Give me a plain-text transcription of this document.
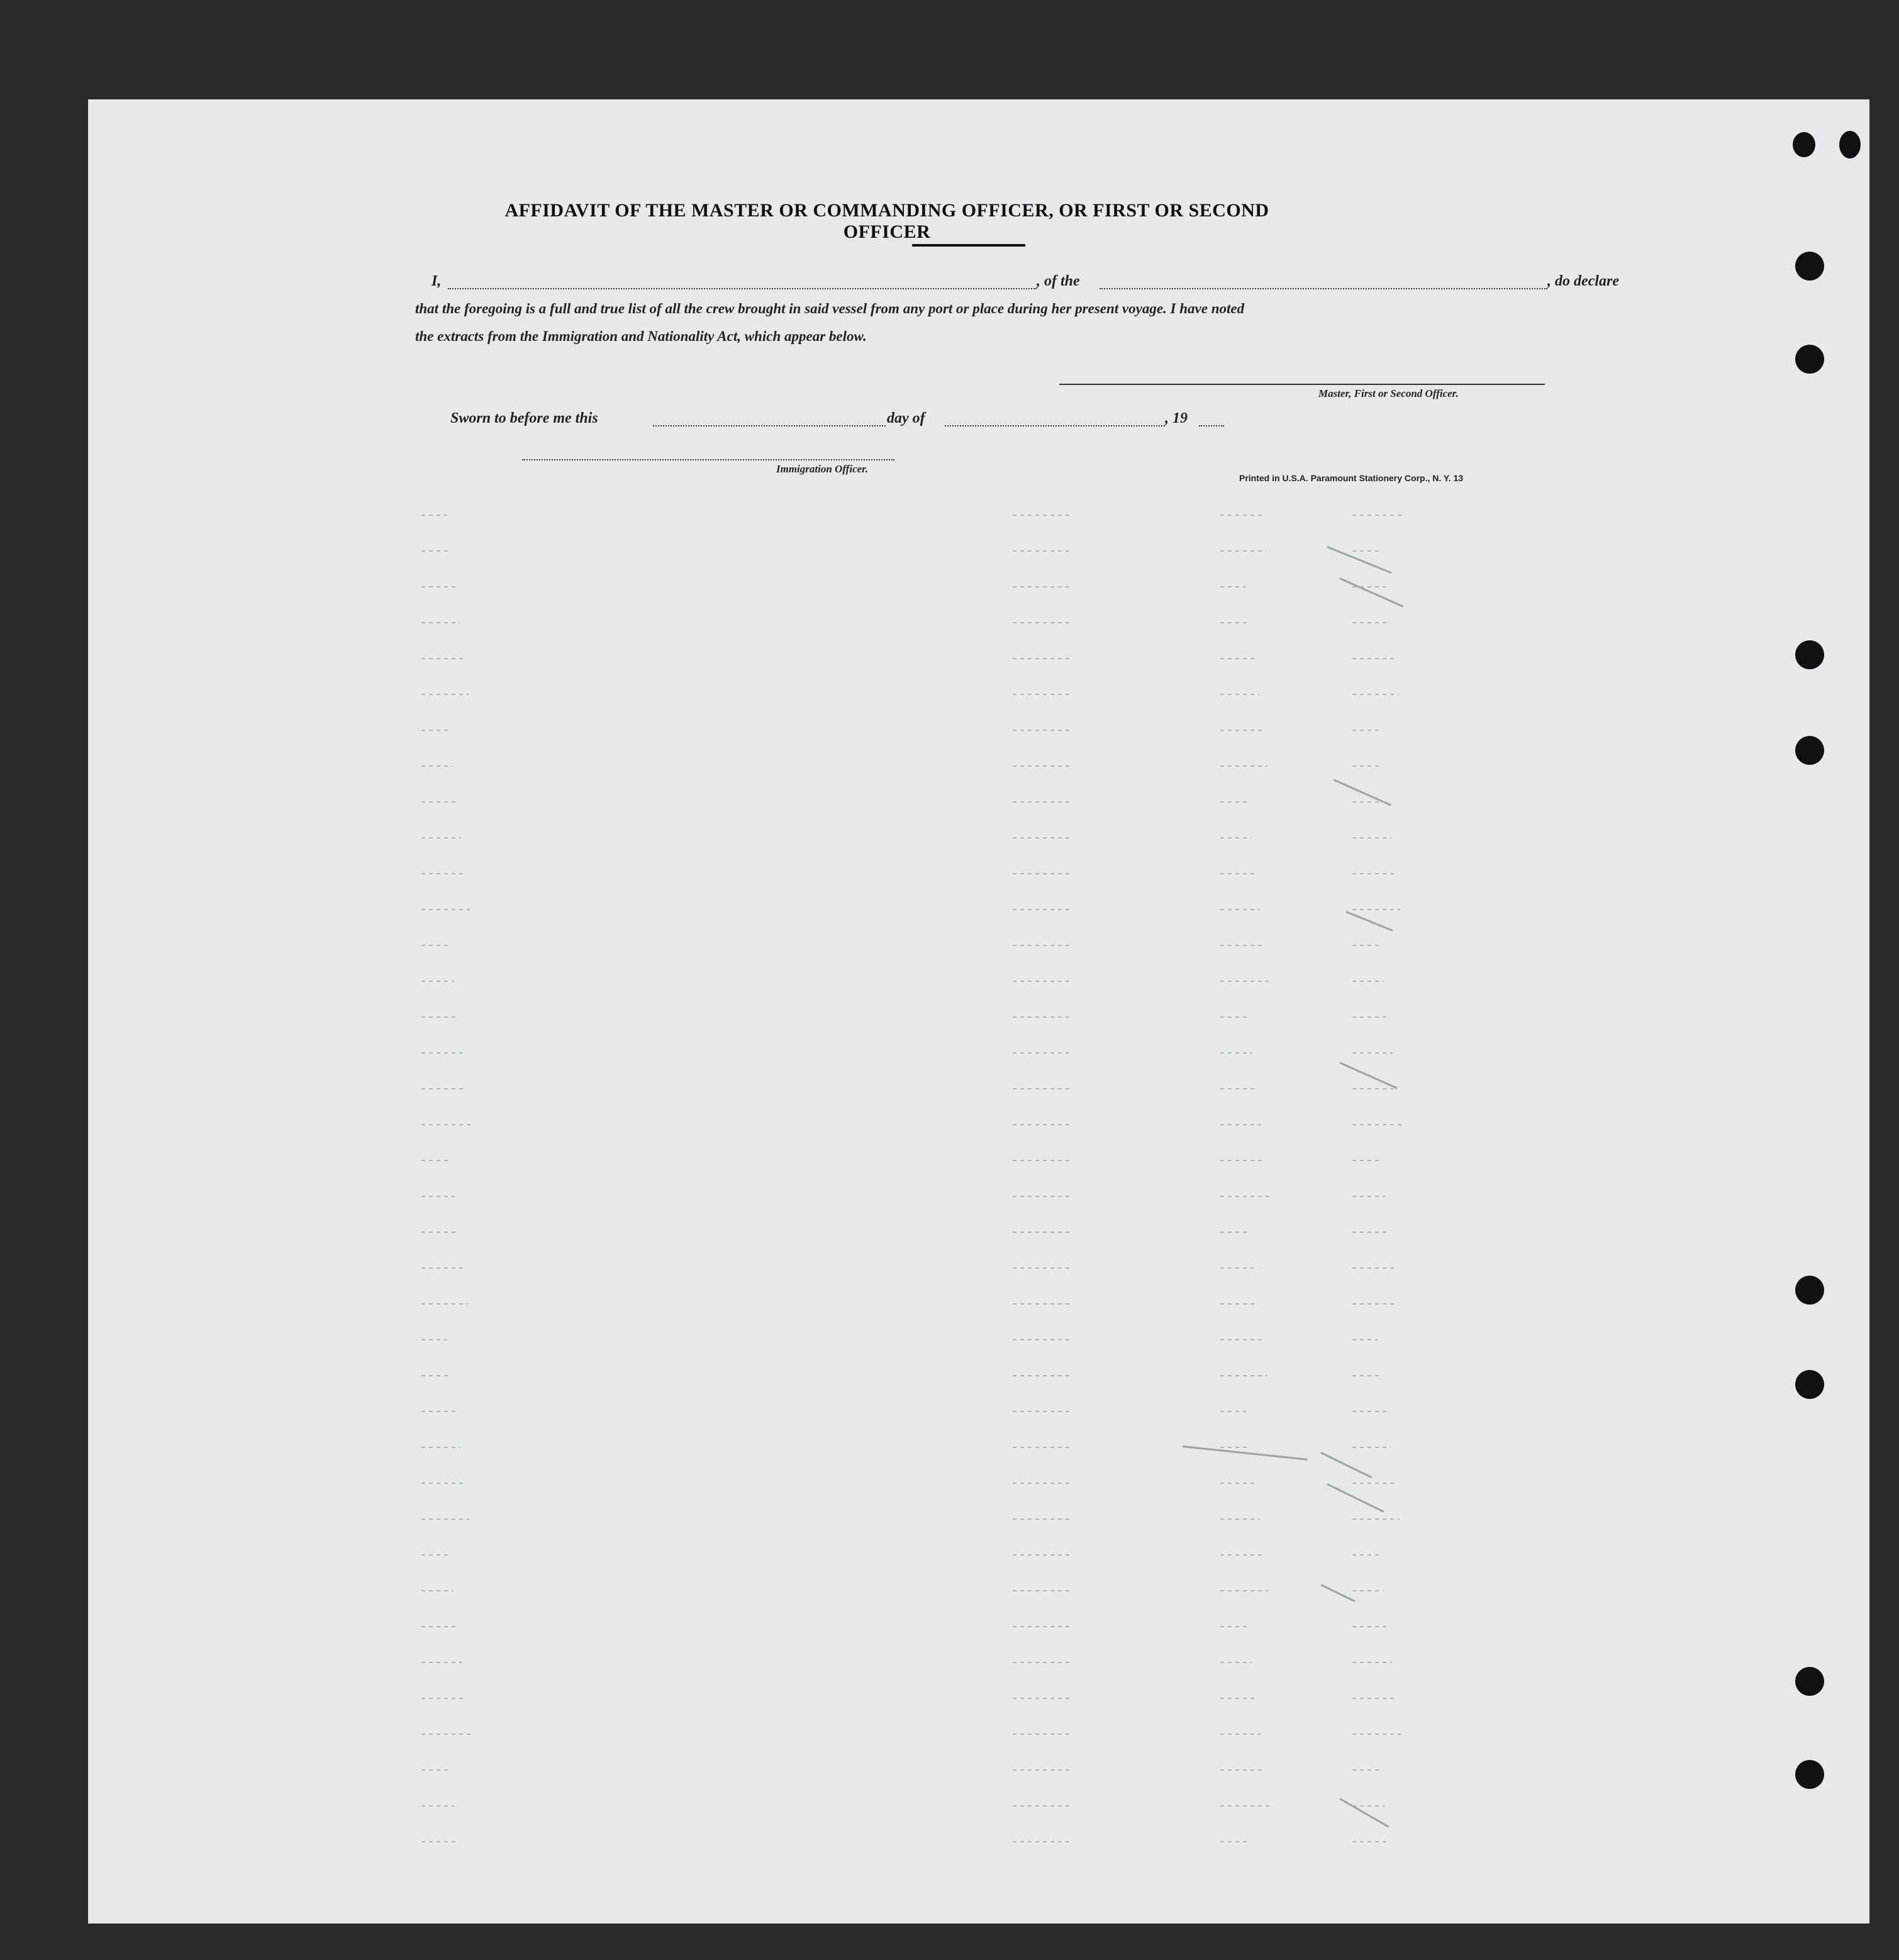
AFFIDAVIT OF THE MASTER OR COMMANDING OFFICER, OR FIRST OR SECOND OFFICER
I,	, of the	, do declare
that the foregoing is a full and true list of all the crew brought in said vessel from any port or place during her present voyage. I have noted
the extracts from the Immigration and Nationality Act, which appear below.
Master, First or Second Officer.
Sworn to before me this	day of	, 19
Immigration Officer.
Printed in U.S.A. Paramount Stationery Corp., N. Y. 13
